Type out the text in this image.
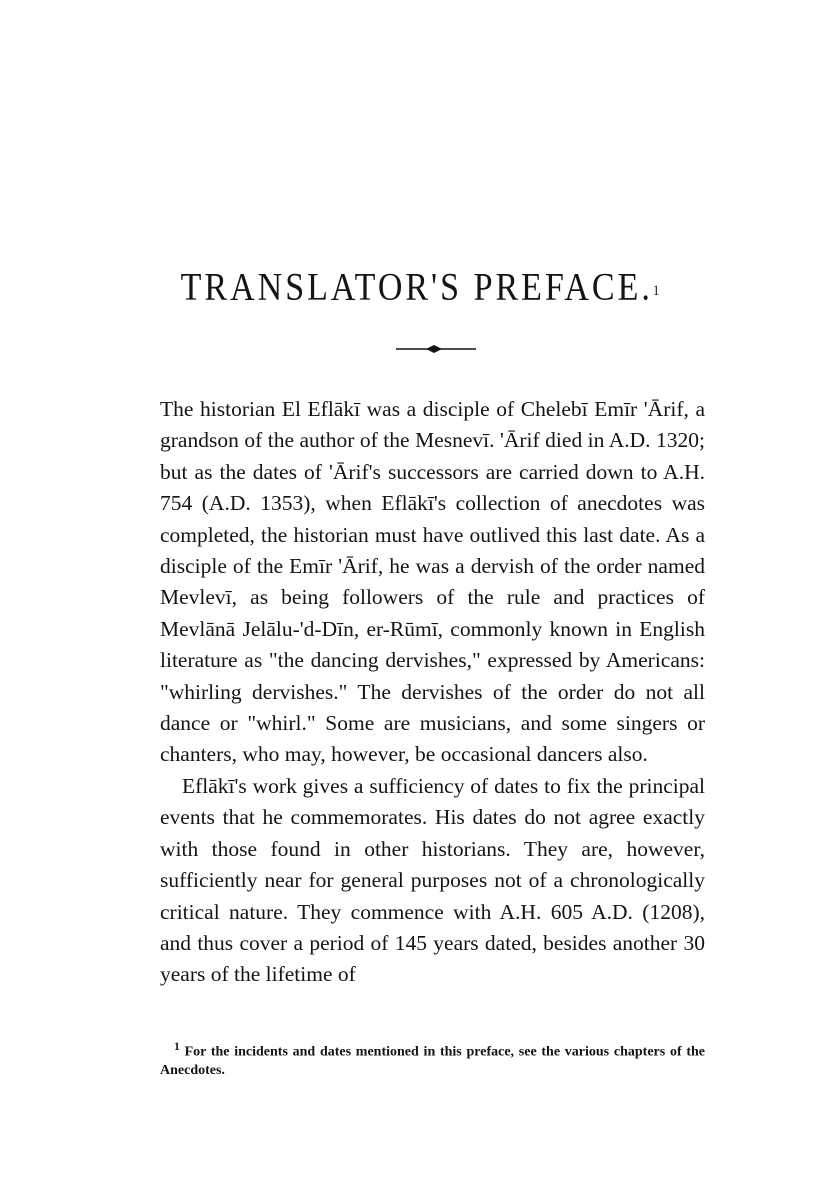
TRANSLATOR'S PREFACE.$^1$

The historian El Eflākī was a disciple of Chelebī Emīr 'Ārif, a grandson of the author of the Mesnevī. 'Ārif died in A.D. 1320; but as the dates of 'Ārif's successors are carried down to A.H. 754 (A.D. 1353), when Eflākī's collection of anecdotes was completed, the historian must have outlived this last date. As a disciple of the Emīr 'Ārif, he was a dervish of the order named Mevlevī, as being followers of the rule and practices of Mevlānā Jelālu-'d-Dīn, er-Rūmī, commonly known in English literature as "the dancing dervishes," expressed by Americans: "whirling dervishes." The dervishes of the order do not all dance or "whirl." Some are musicians, and some singers or chanters, who may, however, be occasional dancers also.

Eflākī's work gives a sufficiency of dates to fix the principal events that he commemorates. His dates do not agree exactly with those found in other historians. They are, however, sufficiently near for general purposes not of a chronologically critical nature. They commence with A.H. 605 A.D. (1208), and thus cover a period of 145 years dated, besides another 30 years of the lifetime of

$^1$ For the incidents and dates mentioned in this preface, see the various chapters of the Anecdotes.
